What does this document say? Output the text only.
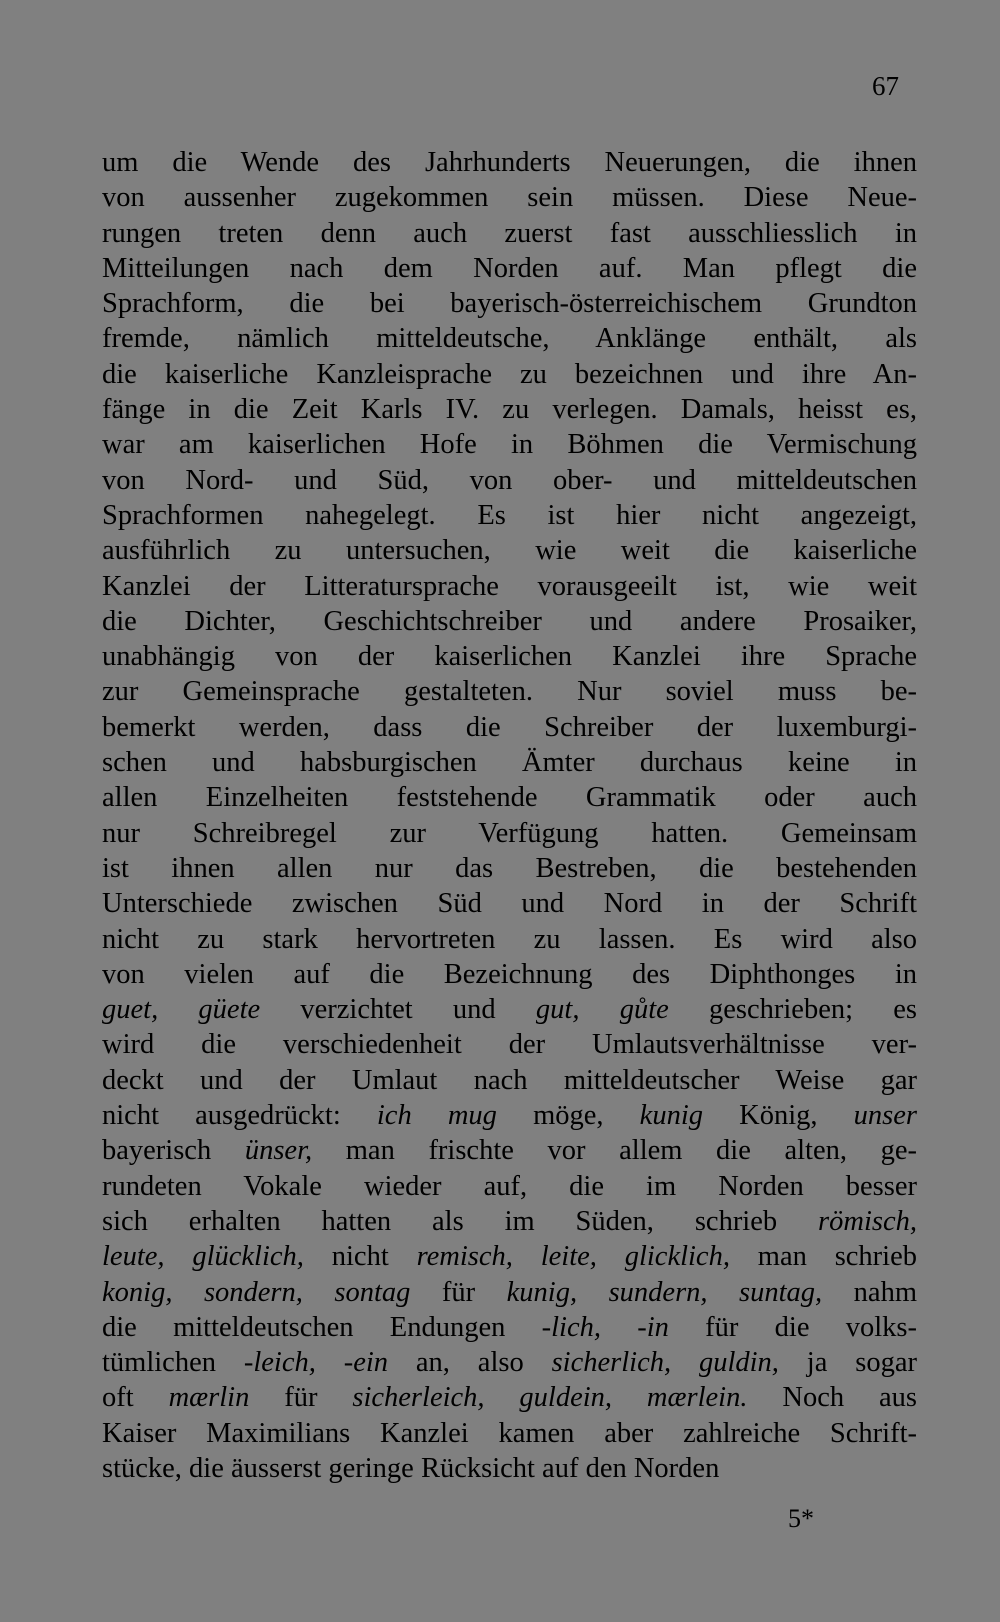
67
um die Wende des Jahrhunderts Neuerungen, die ihnen
von aussenher zugekommen sein müssen. Diese Neue-
rungen treten denn auch zuerst fast ausschliesslich in
Mitteilungen nach dem Norden auf. Man pflegt die
Sprachform, die bei bayerisch-österreichischem Grundton
fremde, nämlich mitteldeutsche, Anklänge enthält, als
die kaiserliche Kanzleisprache zu bezeichnen und ihre An-
fänge in die Zeit Karls IV. zu verlegen. Damals, heisst es,
war am kaiserlichen Hofe in Böhmen die Vermischung
von Nord- und Süd, von ober- und mitteldeutschen
Sprachformen nahegelegt. Es ist hier nicht angezeigt,
ausführlich zu untersuchen, wie weit die kaiserliche
Kanzlei der Litteratursprache vorausgeeilt ist, wie weit
die Dichter, Geschichtschreiber und andere Prosaiker,
unabhängig von der kaiserlichen Kanzlei ihre Sprache
zur Gemeinsprache gestalteten. Nur soviel muss be-
bemerkt werden, dass die Schreiber der luxemburgi-
schen und habsburgischen Ämter durchaus keine in
allen Einzelheiten feststehende Grammatik oder auch
nur Schreibregel zur Verfügung hatten. Gemeinsam
ist ihnen allen nur das Bestreben, die bestehenden
Unterschiede zwischen Süd und Nord in der Schrift
nicht zu stark hervortreten zu lassen. Es wird also
von vielen auf die Bezeichnung des Diphthonges in
guet, güete verzichtet und gut, gůte geschrieben; es
wird die verschiedenheit der Umlautsverhältnisse ver-
deckt und der Umlaut nach mitteldeutscher Weise gar
nicht ausgedrückt: ich mug möge, kunig König, unser
bayerisch ünser, man frischte vor allem die alten, ge-
rundeten Vokale wieder auf, die im Norden besser
sich erhalten hatten als im Süden, schrieb römisch,
leute, glücklich, nicht remisch, leite, glicklich, man schrieb
konig, sondern, sontag für kunig, sundern, suntag, nahm
die mitteldeutschen Endungen -lich, -in für die volks-
tümlichen -leich, -ein an, also sicherlich, guldin, ja sogar
oft mærlin für sicherleich, guldein, mærlein. Noch aus
Kaiser Maximilians Kanzlei kamen aber zahlreiche Schrift-
stücke, die äusserst geringe Rücksicht auf den Norden
5*
